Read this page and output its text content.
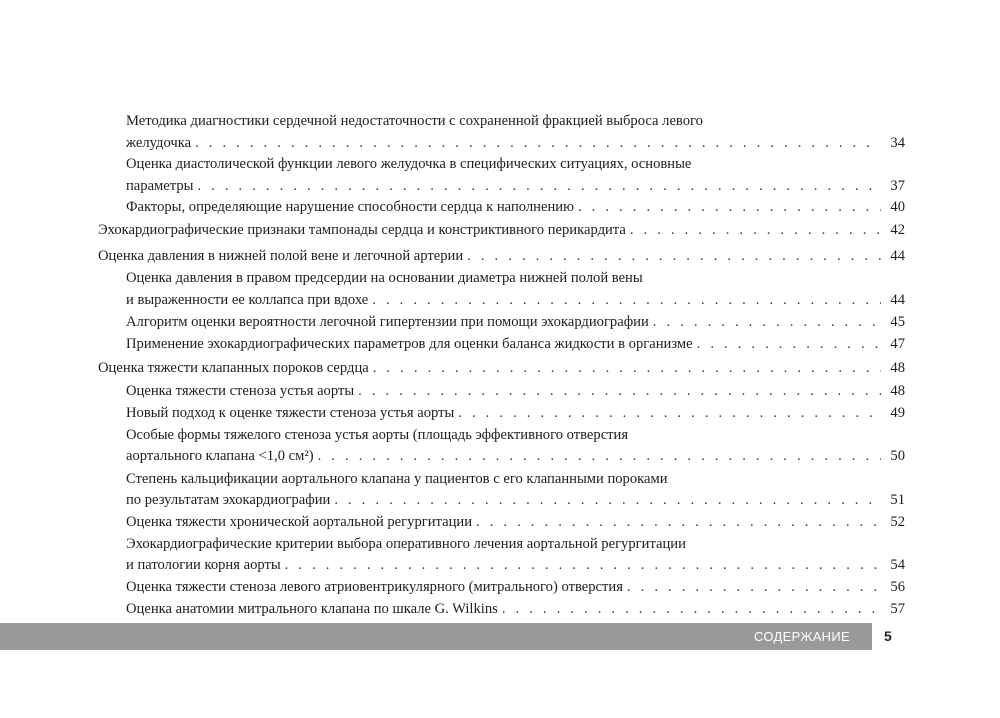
Методика диагностики сердечной недостаточности с сохраненной фракцией выброса левого
желудочка . . .	34
Оценка диастолической функции левого желудочка в специфических ситуациях, основные
параметры . . .	37
Факторы, определяющие нарушение способности сердца к наполнению . . .	40
Эхокардиографические признаки тампонады сердца и констриктивного перикардита . . .	42
Оценка давления в нижней полой вене и легочной артерии . . .	44
Оценка давления в правом предсердии на основании диаметра нижней полой вены
и выраженности ее коллапса при вдохе . . .	44
Алгоритм оценки вероятности легочной гипертензии при помощи эхокардиографии . . .	45
Применение эхокардиографических параметров для оценки баланса жидкости в организме . . .	47
Оценка тяжести клапанных пороков сердца . . .	48
Оценка тяжести стеноза устья аорты . . .	48
Новый подход к оценке тяжести стеноза устья аорты . . .	49
Особые формы тяжелого стеноза устья аорты (площадь эффективного отверстия
аортального клапана <1,0 см²) . . .	50
Степень кальцификации аортального клапана у пациентов с его клапанными пороками
по результатам эхокардиографии . . .	51
Оценка тяжести хронической аортальной регургитации . . .	52
Эхокардиографические критерии выбора оперативного лечения аортальной регургитации
и патологии корня аорты . . .	54
Оценка тяжести стеноза левого атриовентрикулярного (митрального) отверстия . . .	56
Оценка анатомии митрального клапана по шкале G. Wilkins . . .	57
СОДЕРЖАНИЕ 5
